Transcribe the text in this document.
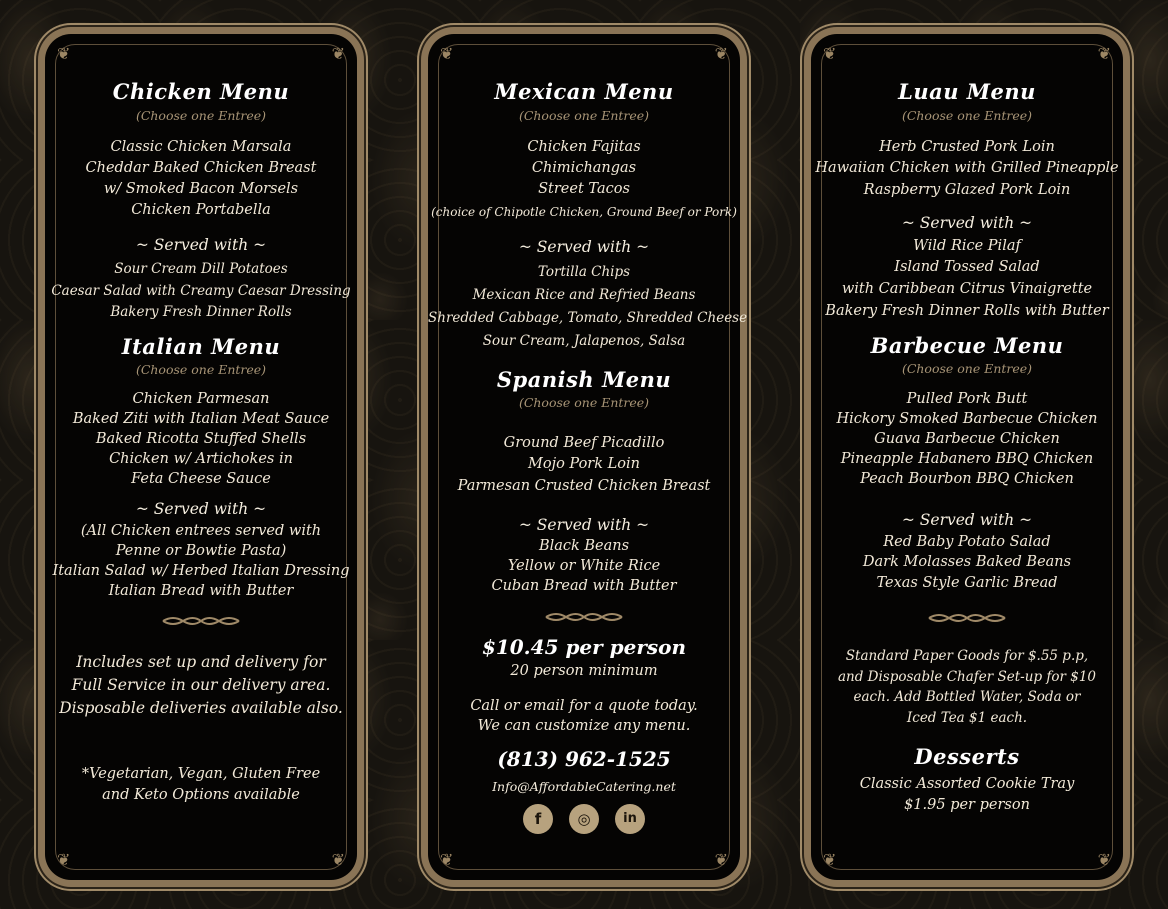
❦	❦
❦	❦
Chicken Menu
(Choose one Entree)
Classic Chicken Marsala
Cheddar Baked Chicken Breast
w/ Smoked Bacon Morsels
Chicken Portabella
~ Served with ~
Sour Cream Dill Potatoes
Caesar Salad with Creamy Caesar Dressing
Bakery Fresh Dinner Rolls
Italian Menu
(Choose one Entree)
Chicken Parmesan
Baked Ziti with Italian Meat Sauce
Baked Ricotta Stuffed Shells
Chicken w/ Artichokes in
Feta Cheese Sauce
~ Served with ~
(All Chicken entrees served with
Penne or Bowtie Pasta)
Italian Salad w/ Herbed Italian Dressing
Italian Bread with Butter
Includes set up and delivery for
Full Service in our delivery area.
Disposable deliveries available also.
*Vegetarian, Vegan, Gluten Free
and Keto Options available
❦	❦
❦	❦
Mexican Menu
(Choose one Entree)
Chicken Fajitas
Chimichangas
Street Tacos
(choice of Chipotle Chicken, Ground Beef or Pork)
~ Served with ~
Tortilla Chips
Mexican Rice and Refried Beans
Shredded Cabbage, Tomato, Shredded Cheese
Sour Cream, Jalapenos, Salsa
Spanish Menu
(Choose one Entree)
Ground Beef Picadillo
Mojo Pork Loin
Parmesan Crusted Chicken Breast
~ Served with ~
Black Beans
Yellow or White Rice
Cuban Bread with Butter
$10.45 per person
20 person minimum
Call or email for a quote today.
We can customize any menu.
(813) 962-1525
Info@AffordableCatering.net
f	◎	in
❦	❦
❦	❦
Luau Menu
(Choose one Entree)
Herb Crusted Pork Loin
Hawaiian Chicken with Grilled Pineapple
Raspberry Glazed Pork Loin
~ Served with ~
Wild Rice Pilaf
Island Tossed Salad
with Caribbean Citrus Vinaigrette
Bakery Fresh Dinner Rolls with Butter
Barbecue Menu
(Choose one Entree)
Pulled Pork Butt
Hickory Smoked Barbecue Chicken
Guava Barbecue Chicken
Pineapple Habanero BBQ Chicken
Peach Bourbon BBQ Chicken
~ Served with ~
Red Baby Potato Salad
Dark Molasses Baked Beans
Texas Style Garlic Bread
Standard Paper Goods for $.55 p.p,
and Disposable Chafer Set-up for $10
each. Add Bottled Water, Soda or
Iced Tea $1 each.
Desserts
Classic Assorted Cookie Tray
$1.95 per person
